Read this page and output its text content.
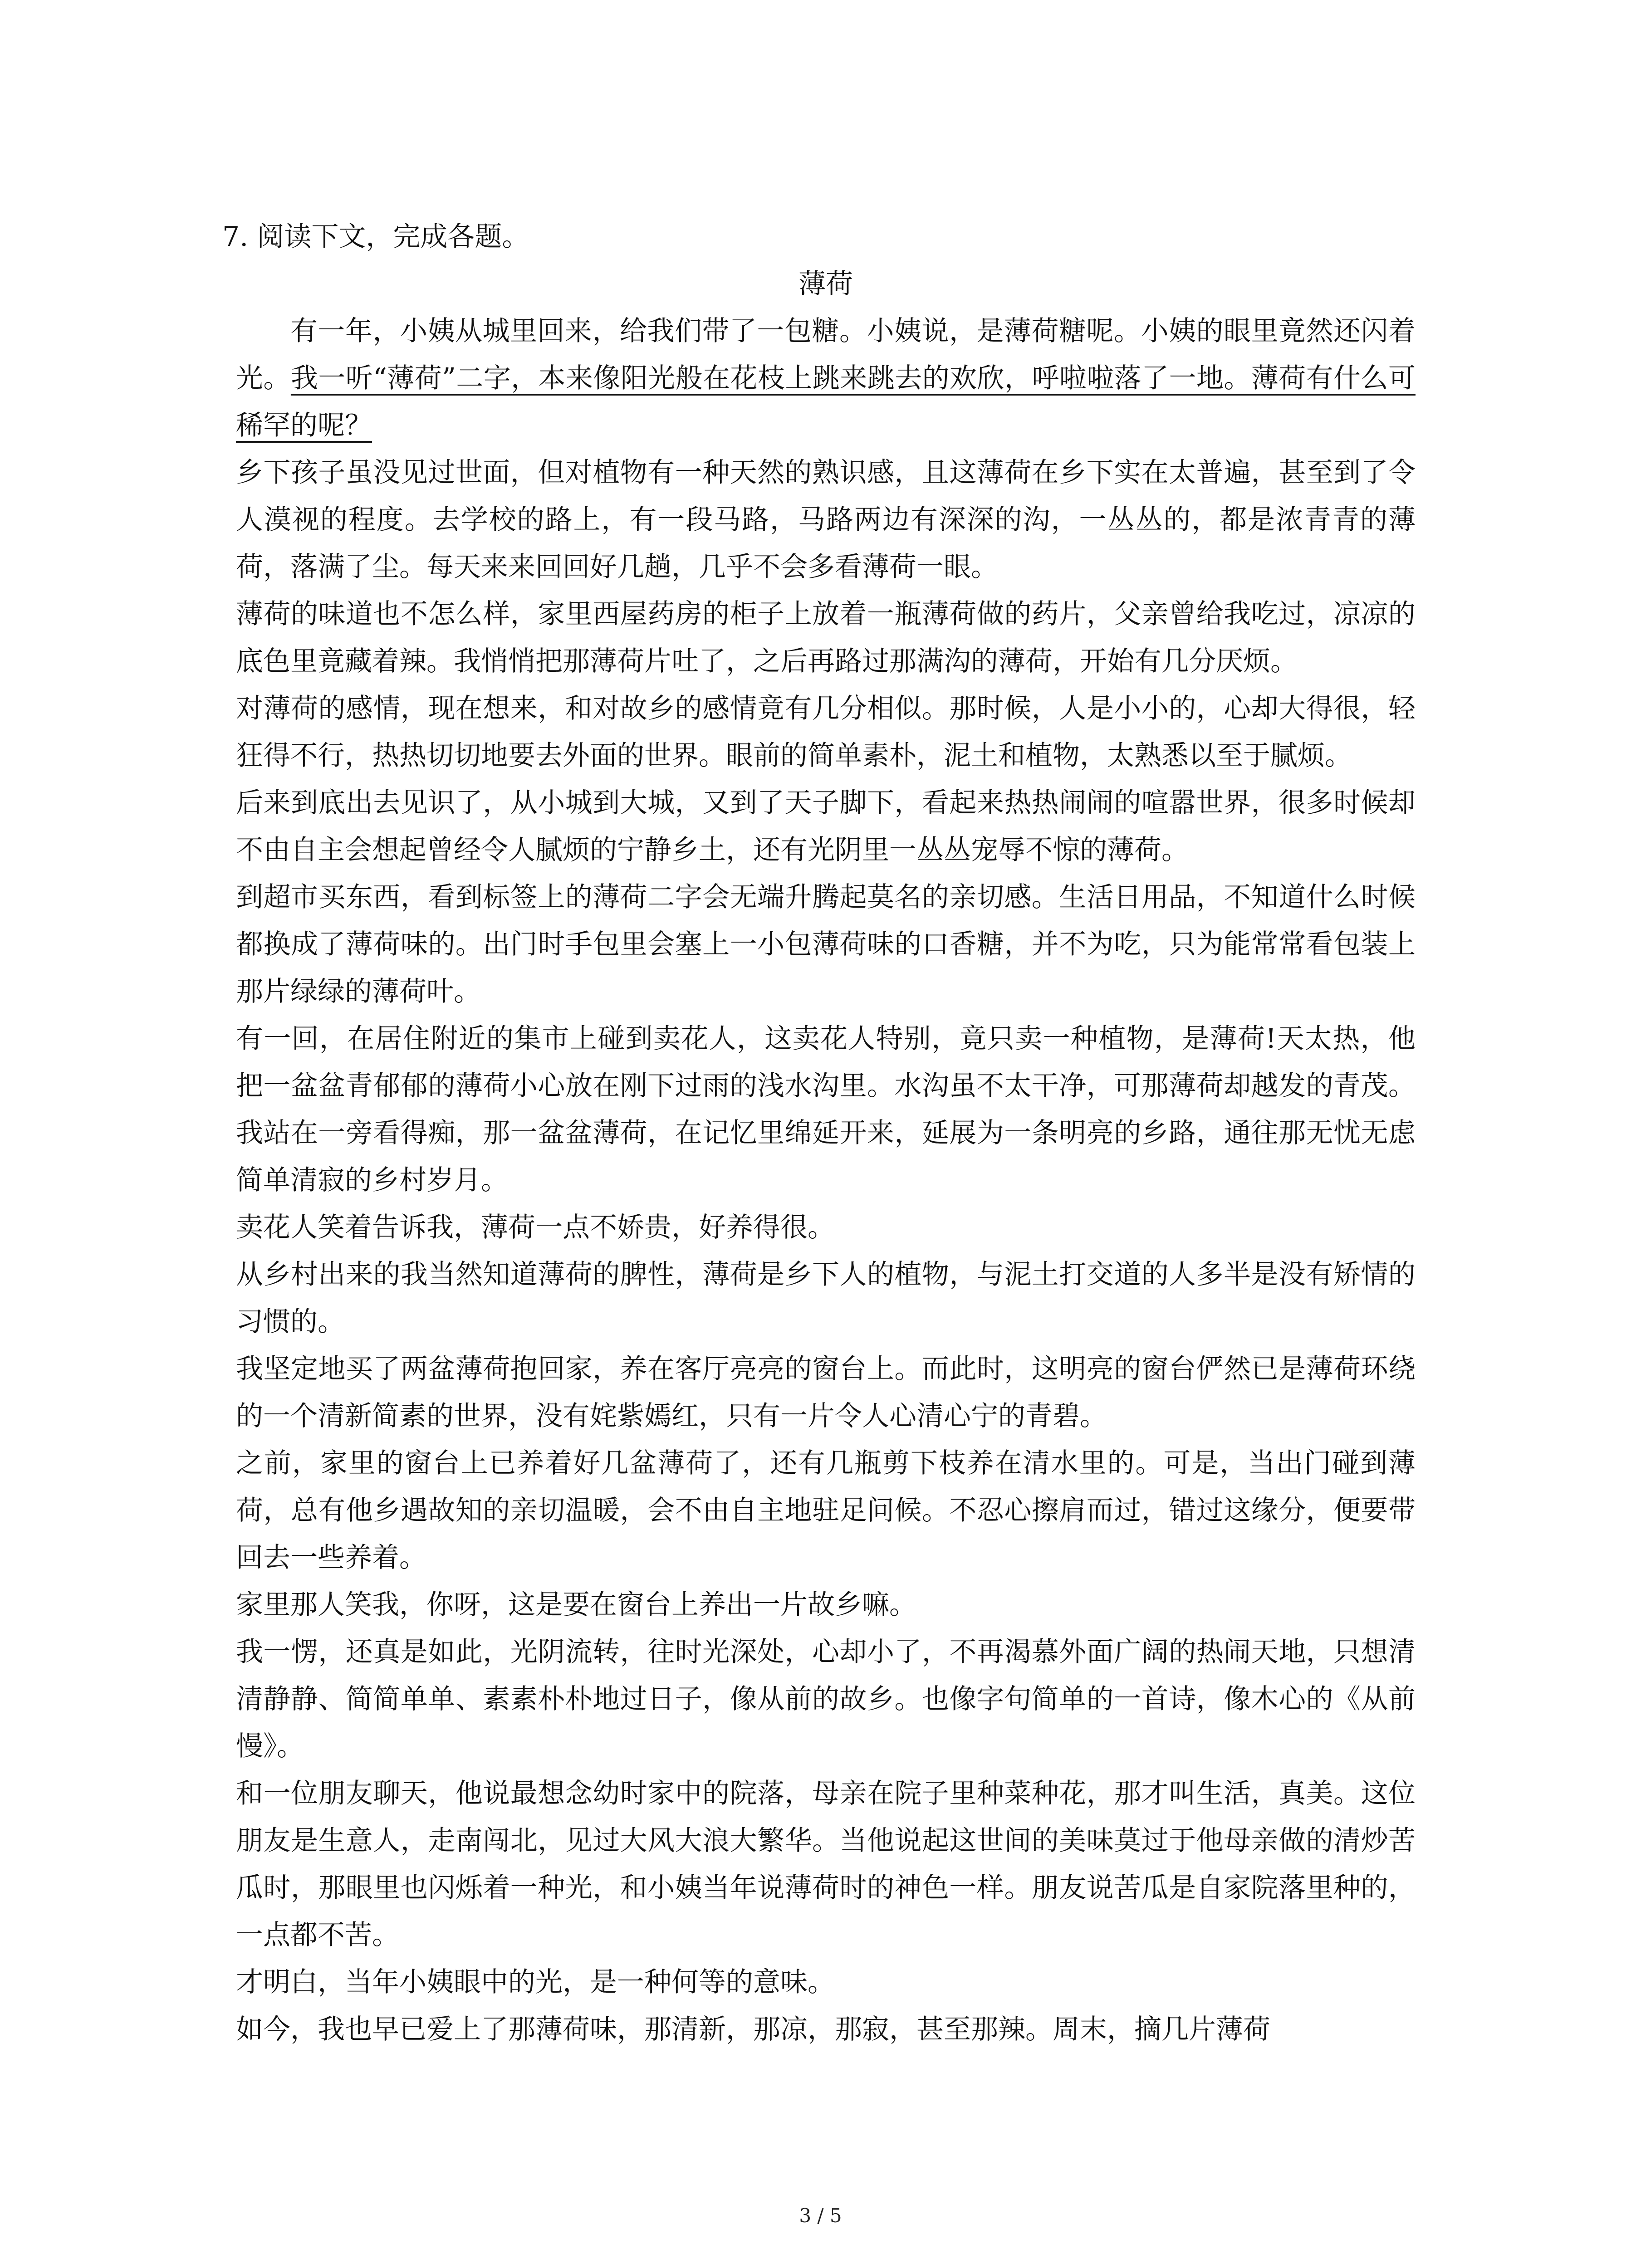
7. 阅读下文，完成各题。
薄荷

有一年，小姨从城里回来，给我们带了一包糖。小姨说，是薄荷糖呢。小姨的眼里竟然还闪着光。我一听“薄荷”二字，本来像阳光般在花枝上跳来跳去的欢欣，呼啦啦落了一地。薄荷有什么可稀罕的呢？

乡下孩子虽没见过世面，但对植物有一种天然的熟识感，且这薄荷在乡下实在太普遍，甚至到了令人漠视的程度。去学校的路上，有一段马路，马路两边有深深的沟，一丛丛的，都是浓青青的薄荷，落满了尘。每天来来回回好几趟，几乎不会多看薄荷一眼。

薄荷的味道也不怎么样，家里西屋药房的柜子上放着一瓶薄荷做的药片，父亲曾给我吃过，凉凉的底色里竟藏着辣。我悄悄把那薄荷片吐了，之后再路过那满沟的薄荷，开始有几分厌烦。

对薄荷的感情，现在想来，和对故乡的感情竟有几分相似。那时候，人是小小的，心却大得很，轻狂得不行，热热切切地要去外面的世界。眼前的简单素朴，泥土和植物，太熟悉以至于腻烦。

后来到底出去见识了，从小城到大城，又到了天子脚下，看起来热热闹闹的喧嚣世界，很多时候却不由自主会想起曾经令人腻烦的宁静乡土，还有光阴里一丛丛宠辱不惊的薄荷。

到超市买东西，看到标签上的薄荷二字会无端升腾起莫名的亲切感。生活日用品，不知道什么时候都换成了薄荷味的。出门时手包里会塞上一小包薄荷味的口香糖，并不为吃，只为能常常看包装上那片绿绿的薄荷叶。

有一回，在居住附近的集市上碰到卖花人，这卖花人特别，竟只卖一种植物，是薄荷!天太热，他把一盆盆青郁郁的薄荷小心放在刚下过雨的浅水沟里。水沟虽不太干净，可那薄荷却越发的青茂。我站在一旁看得痴，那一盆盆薄荷，在记忆里绵延开来，延展为一条明亮的乡路，通往那无忧无虑简单清寂的乡村岁月。

卖花人笑着告诉我，薄荷一点不娇贵，好养得很。

从乡村出来的我当然知道薄荷的脾性，薄荷是乡下人的植物，与泥土打交道的人多半是没有矫情的习惯的。

我坚定地买了两盆薄荷抱回家，养在客厅亮亮的窗台上。而此时，这明亮的窗台俨然已是薄荷环绕的一个清新简素的世界，没有姹紫嫣红，只有一片令人心清心宁的青碧。

之前，家里的窗台上已养着好几盆薄荷了，还有几瓶剪下枝养在清水里的。可是，当出门碰到薄荷，总有他乡遇故知的亲切温暖，会不由自主地驻足问候。不忍心擦肩而过，错过这缘分，便要带回去一些养着。

家里那人笑我，你呀，这是要在窗台上养出一片故乡嘛。

我一愣，还真是如此，光阴流转，往时光深处，心却小了，不再渴慕外面广阔的热闹天地，只想清清静静、简简单单、素素朴朴地过日子，像从前的故乡。也像字句简单的一首诗，像木心的《从前慢》。

和一位朋友聊天，他说最想念幼时家中的院落，母亲在院子里种菜种花，那才叫生活，真美。这位朋友是生意人，走南闯北，见过大风大浪大繁华。当他说起这世间的美味莫过于他母亲做的清炒苦瓜时，那眼里也闪烁着一种光，和小姨当年说薄荷时的神色一样。朋友说苦瓜是自家院落里种的，一点都不苦。

才明白，当年小姨眼中的光，是一种何等的意味。

如今，我也早已爱上了那薄荷味，那清新，那凉，那寂，甚至那辣。周末，摘几片薄荷

3 / 5
